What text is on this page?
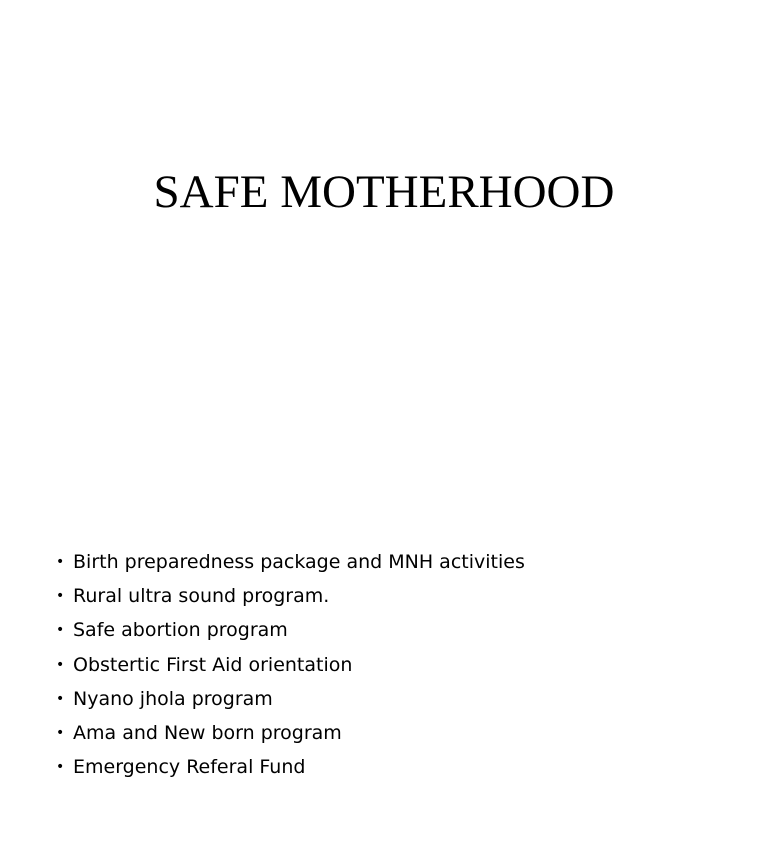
SAFE MOTHERHOOD
• Birth preparedness package and MNH activities
• Rural ultra sound program.
• Safe abortion program
• Obstertic First Aid orientation
• Nyano jhola program
• Ama and New born program
• Emergency Referal Fund
